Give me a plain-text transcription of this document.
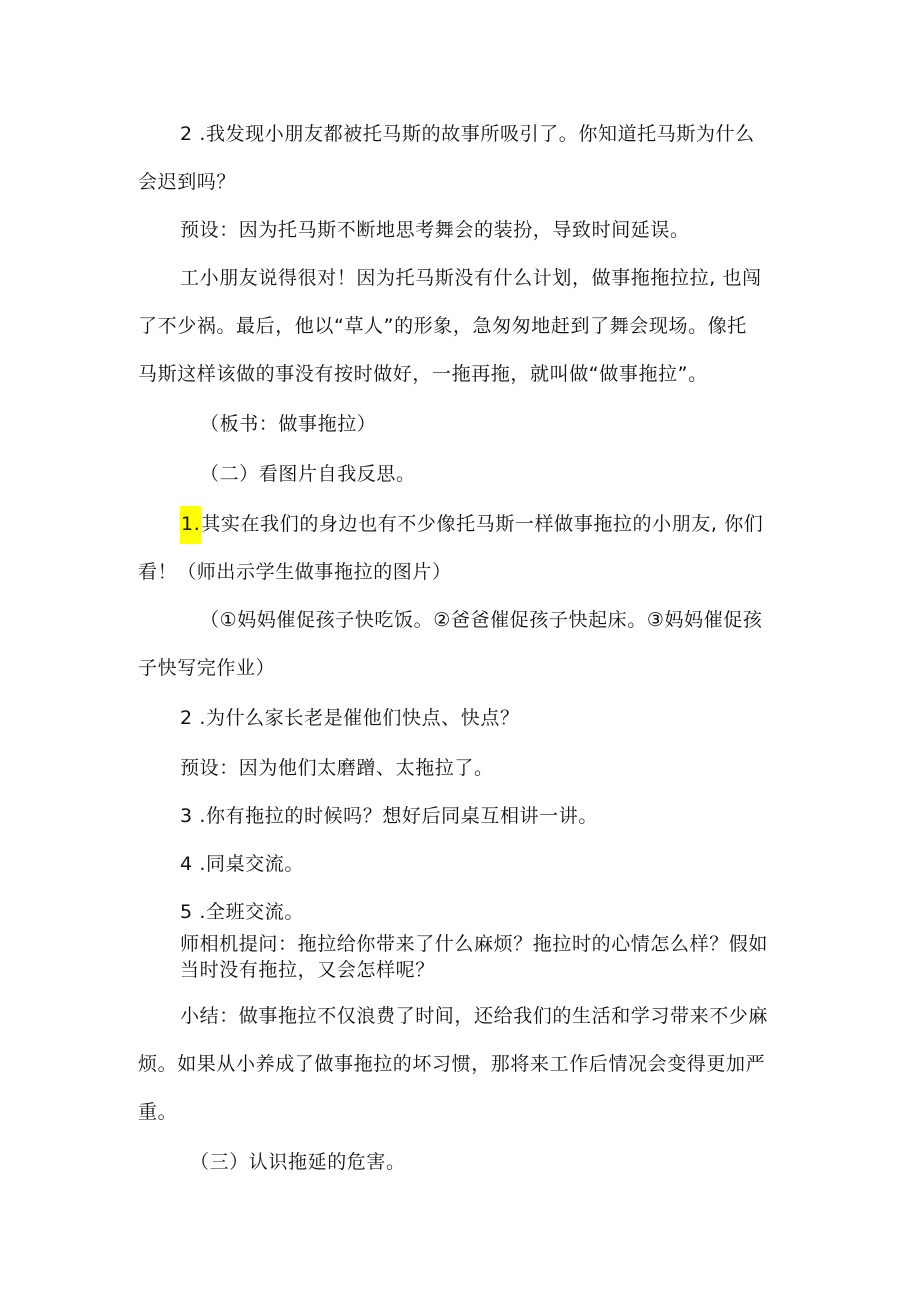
2 .我发现小朋友都被托马斯的故事所吸引了。你知道托马斯为什么
会迟到吗？
预设：因为托马斯不断地思考舞会的装扮，导致时间延误。
工小朋友说得很对！因为托马斯没有什么计划，做事拖拖拉拉, 也闯
了不少祸。最后，他以“草人”的形象，急匆匆地赶到了舞会现场。像托
马斯这样该做的事没有按时做好，一拖再拖，就叫做“做事拖拉”。
（板书：做事拖拉）
（二）看图片自我反思。
1.其实在我们的身边也有不少像托马斯一样做事拖拉的小朋友, 你们
看！（师出示学生做事拖拉的图片）
（①妈妈催促孩子快吃饭。②爸爸催促孩子快起床。③妈妈催促孩
子快写完作业）
2 .为什么家长老是催他们快点、快点？
预设：因为他们太磨蹭、太拖拉了。
3 .你有拖拉的时候吗？想好后同桌互相讲一讲。
4 .同桌交流。
5 .全班交流。
师相机提问：拖拉给你带来了什么麻烦？拖拉时的心情怎么样？假如
当时没有拖拉，又会怎样呢？
小结：做事拖拉不仅浪费了时间，还给我们的生活和学习带来不少麻
烦。如果从小养成了做事拖拉的坏习惯，那将来工作后情况会变得更加严
重。
（三）认识拖延的危害。
